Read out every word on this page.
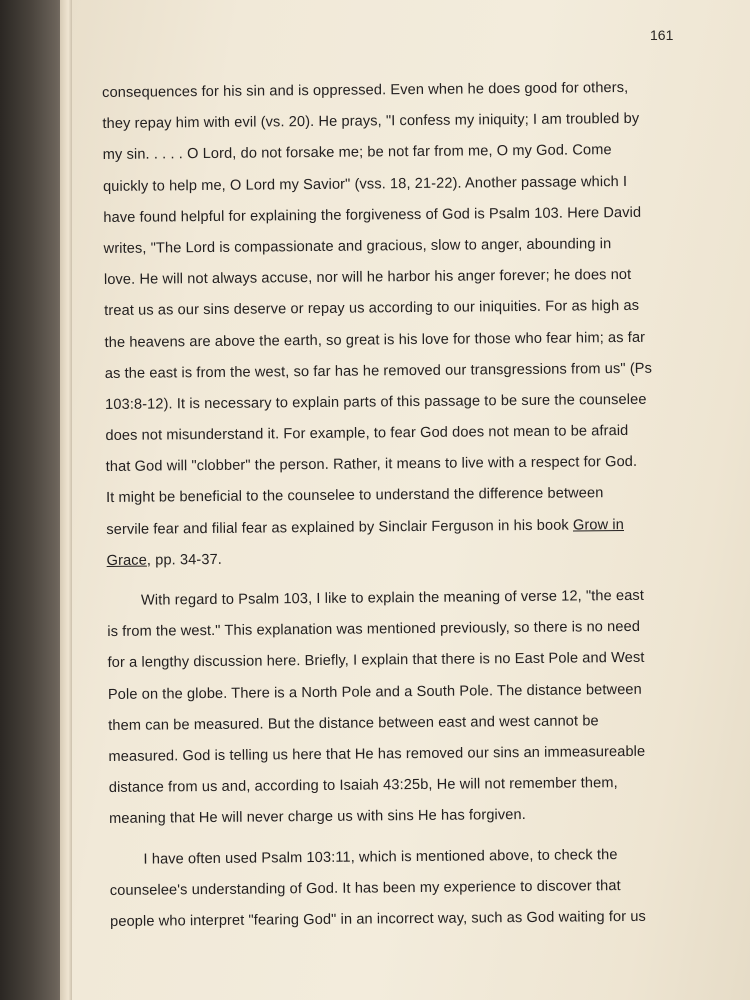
161
consequences for his sin and is oppressed. Even when he does good for others,
they repay him with evil (vs. 20). He prays, "I confess my iniquity; I am troubled by
my sin. . . . . O Lord, do not forsake me; be not far from me, O my God. Come
quickly to help me, O Lord my Savior" (vss. 18, 21-22). Another passage which I
have found helpful for explaining the forgiveness of God is Psalm 103. Here David
writes, "The Lord is compassionate and gracious, slow to anger, abounding in
love. He will not always accuse, nor will he harbor his anger forever; he does not
treat us as our sins deserve or repay us according to our iniquities. For as high as
the heavens are above the earth, so great is his love for those who fear him; as far
as the east is from the west, so far has he removed our transgressions from us" (Ps
103:8-12). It is necessary to explain parts of this passage to be sure the counselee
does not misunderstand it. For example, to fear God does not mean to be afraid
that God will "clobber" the person. Rather, it means to live with a respect for God.
It might be beneficial to the counselee to understand the difference between
servile fear and filial fear as explained by Sinclair Ferguson in his book Grow in
Grace, pp. 34-37.
With regard to Psalm 103, I like to explain the meaning of verse 12, "the east
is from the west." This explanation was mentioned previously, so there is no need
for a lengthy discussion here. Briefly, I explain that there is no East Pole and West
Pole on the globe. There is a North Pole and a South Pole. The distance between
them can be measured. But the distance between east and west cannot be
measured. God is telling us here that He has removed our sins an immeasureable
distance from us and, according to Isaiah 43:25b, He will not remember them,
meaning that He will never charge us with sins He has forgiven.
I have often used Psalm 103:11, which is mentioned above, to check the
counselee's understanding of God. It has been my experience to discover that
people who interpret "fearing God" in an incorrect way, such as God waiting for us
